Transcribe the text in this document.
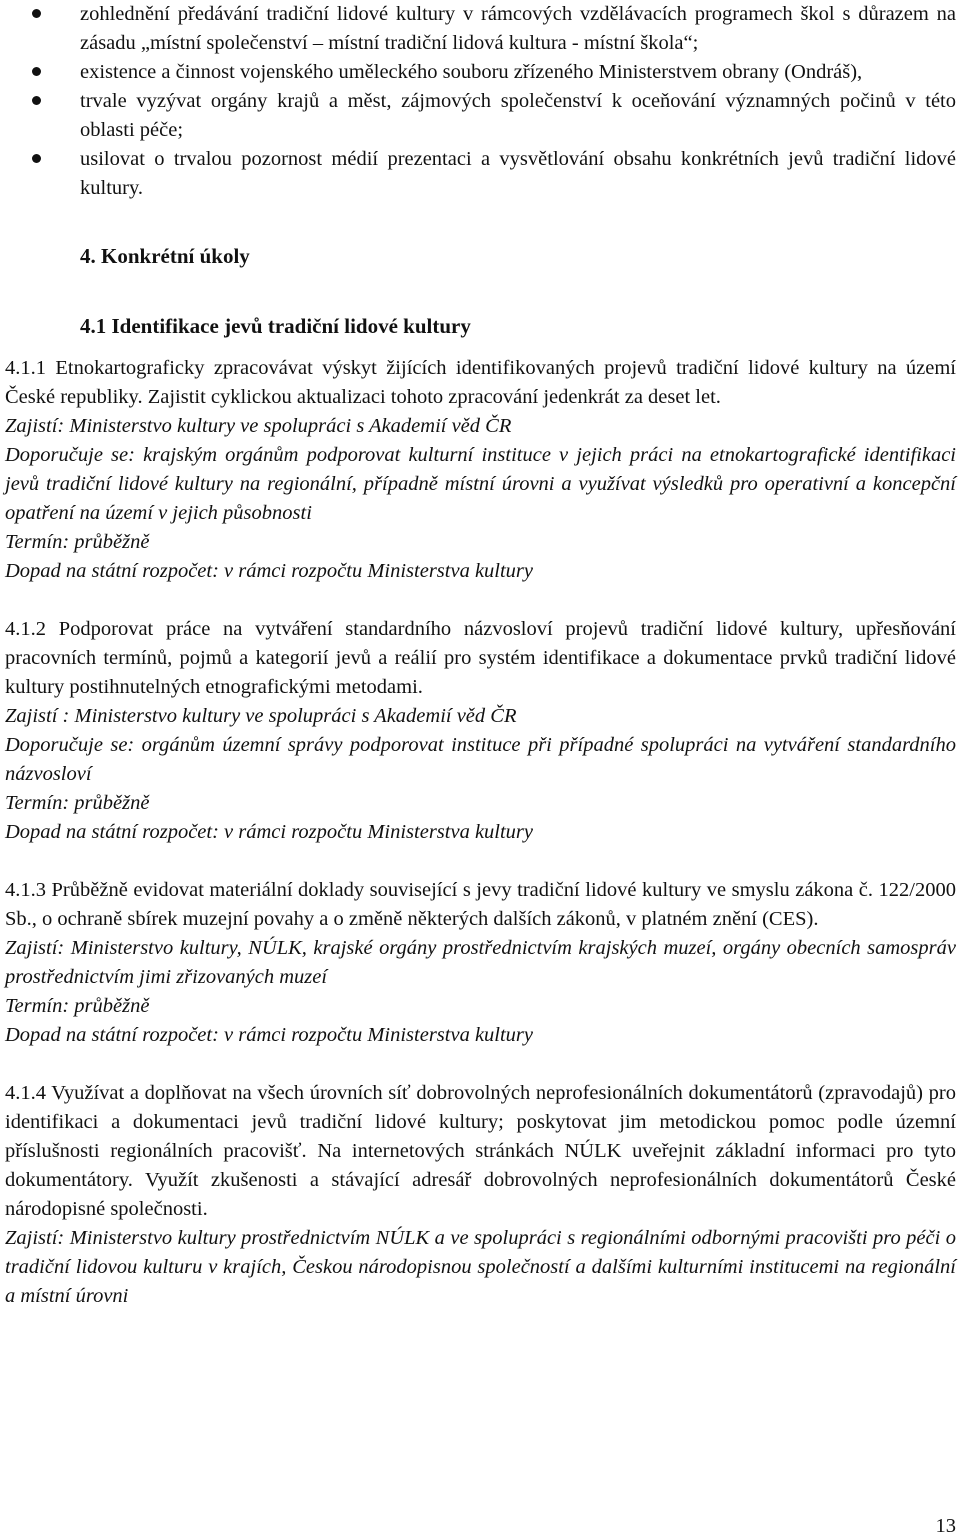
zohlednění předávání tradiční lidové kultury v rámcových vzdělávacích programech škol s důrazem na zásadu „místní společenství – místní tradiční lidová kultura - místní škola“;
existence a činnost vojenského uměleckého souboru zřízeného Ministerstvem obrany (Ondráš),
trvale vyzývat orgány krajů a měst, zájmových společenství k oceňování významných počinů v této oblasti péče;
usilovat o trvalou pozornost médií prezentaci a vysvětlování obsahu konkrétních jevů tradiční lidové kultury.
4. Konkrétní úkoly
4.1 Identifikace jevů tradiční lidové kultury

4.1.1 Etnokartograficky zpracovávat výskyt žijících identifikovaných projevů tradiční lidové kultury na území České republiky. Zajistit cyklickou aktualizaci tohoto zpracování jedenkrát za deset let.

Zajistí: Ministerstvo kultury ve spolupráci s Akademií věd ČR

Doporučuje se: krajským orgánům podporovat kulturní instituce v jejich práci na etnokartografické identifikaci jevů tradiční lidové kultury na regionální, případně místní úrovni a využívat výsledků pro operativní a koncepční opatření na území v jejich působnosti

Termín: průběžně

Dopad na státní rozpočet: v rámci rozpočtu Ministerstva kultury

4.1.2 Podporovat práce na vytváření standardního názvosloví projevů tradiční lidové kultury, upřesňování pracovních termínů, pojmů a kategorií jevů a reálií pro systém identifikace a dokumentace prvků tradiční lidové kultury postihnutelných etnografickými metodami.

Zajistí : Ministerstvo kultury ve spolupráci s Akademií věd ČR

Doporučuje se: orgánům územní správy podporovat instituce při případné spolupráci na vytváření standardního názvosloví

Termín: průběžně

Dopad na státní rozpočet: v rámci rozpočtu Ministerstva kultury

4.1.3 Průběžně evidovat materiální doklady související s jevy tradiční lidové kultury ve smyslu zákona č. 122/2000 Sb., o ochraně sbírek muzejní povahy a o změně některých dalších zákonů, v platném znění (CES).

Zajistí: Ministerstvo kultury, NÚLK, krajské orgány prostřednictvím krajských muzeí, orgány obecních samospráv prostřednictvím jimi zřizovaných muzeí

Termín: průběžně

Dopad na státní rozpočet: v rámci rozpočtu Ministerstva kultury

4.1.4 Využívat a doplňovat na všech úrovních síť dobrovolných neprofesionálních dokumentátorů (zpravodajů) pro identifikaci a dokumentaci jevů tradiční lidové kultury; poskytovat jim metodickou pomoc podle územní příslušnosti regionálních pracovišť. Na internetových stránkách NÚLK uveřejnit základní informaci pro tyto dokumentátory. Využít zkušenosti a stávající adresář dobrovolných neprofesionálních dokumentátorů České národopisné společnosti.

Zajistí: Ministerstvo kultury prostřednictvím NÚLK a ve spolupráci s regionálními odbornými pracovišti pro péči o tradiční lidovou kulturu v krajích, Českou národopisnou společností a dalšími kulturními institucemi na regionální a místní úrovni

13
